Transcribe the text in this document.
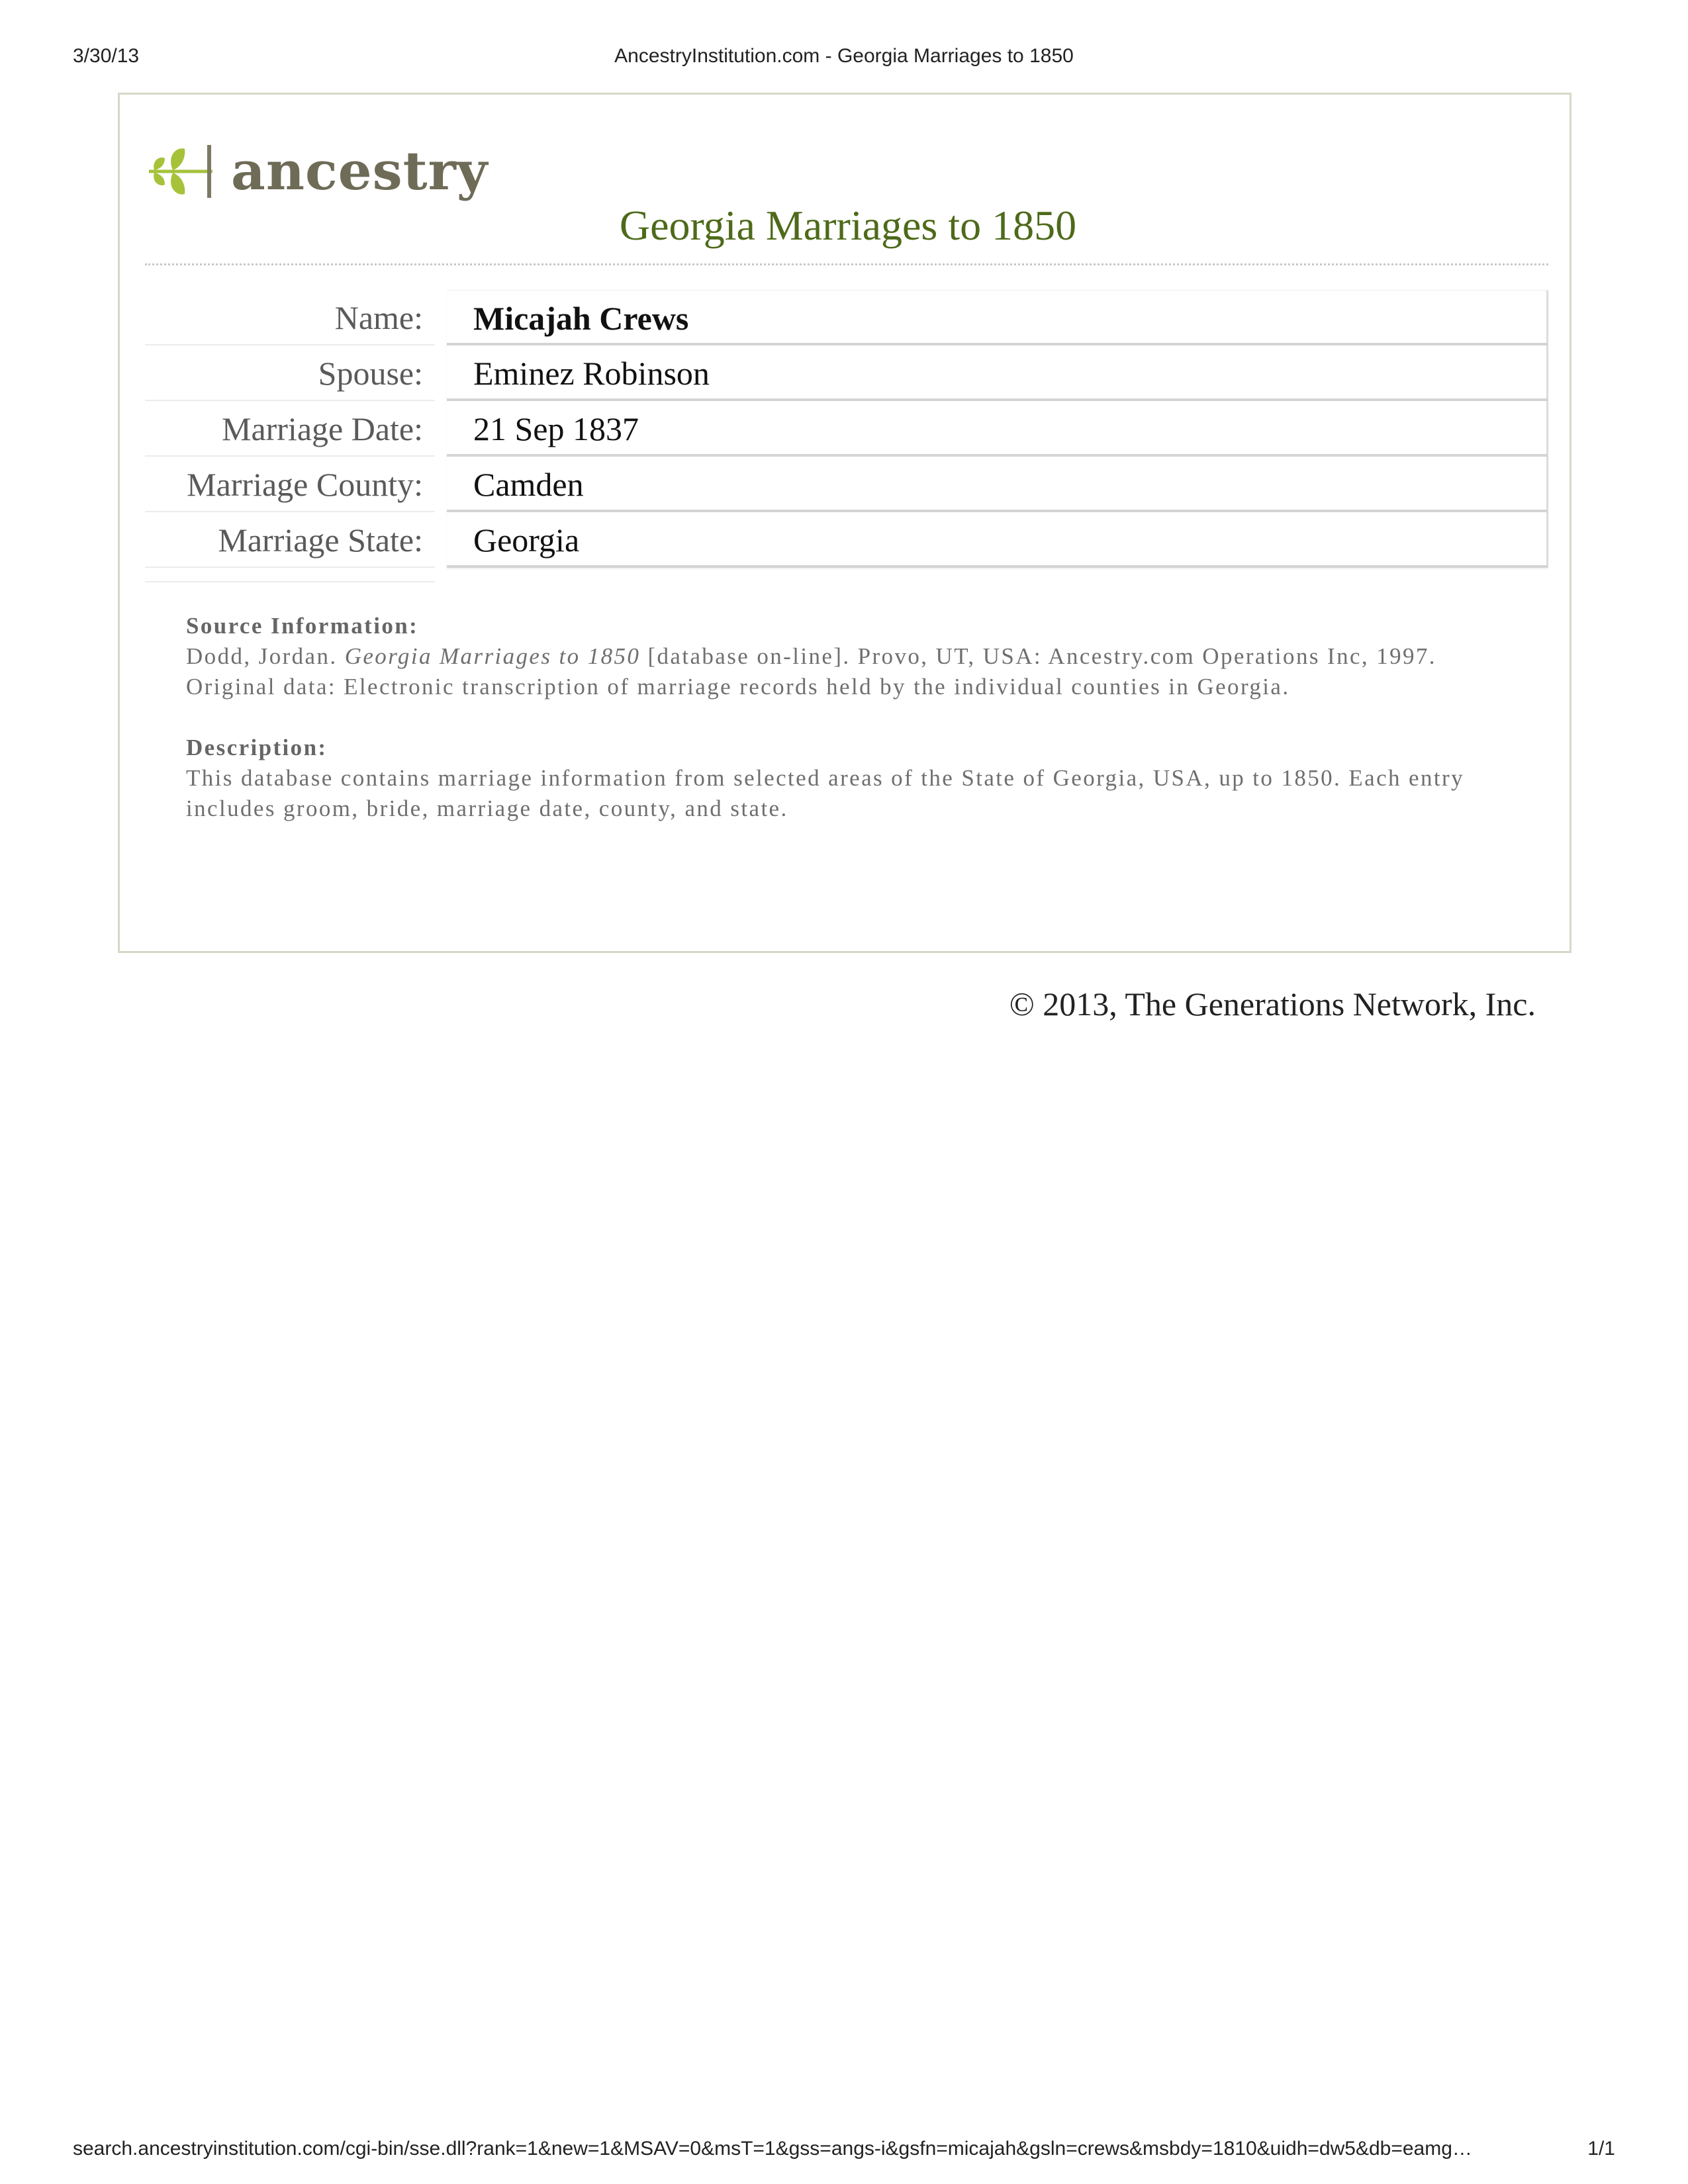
3/30/13	AncestryInstitution.com - Georgia Marriages to 1850
ancestry
Georgia Marriages to 1850
Name:	Micajah Crews
Spouse:	Eminez Robinson
Marriage Date:	21 Sep 1837
Marriage County:	Camden
Marriage State:	Georgia
Source Information:
Dodd, Jordan. Georgia Marriages to 1850 [database on-line]. Provo, UT, USA: Ancestry.com Operations Inc, 1997.
Original data: Electronic transcription of marriage records held by the individual counties in Georgia.
Description:
This database contains marriage information from selected areas of the State of Georgia, USA, up to 1850. Each entry includes groom, bride, marriage date, county, and state.
© 2013, The Generations Network, Inc.
search.ancestryinstitution.com/cgi-bin/sse.dll?rank=1&new=1&MSAV=0&msT=1&gss=angs-i&gsfn=micajah&gsln=crews&msbdy=1810&uidh=dw5&db=eamg…	1/1
